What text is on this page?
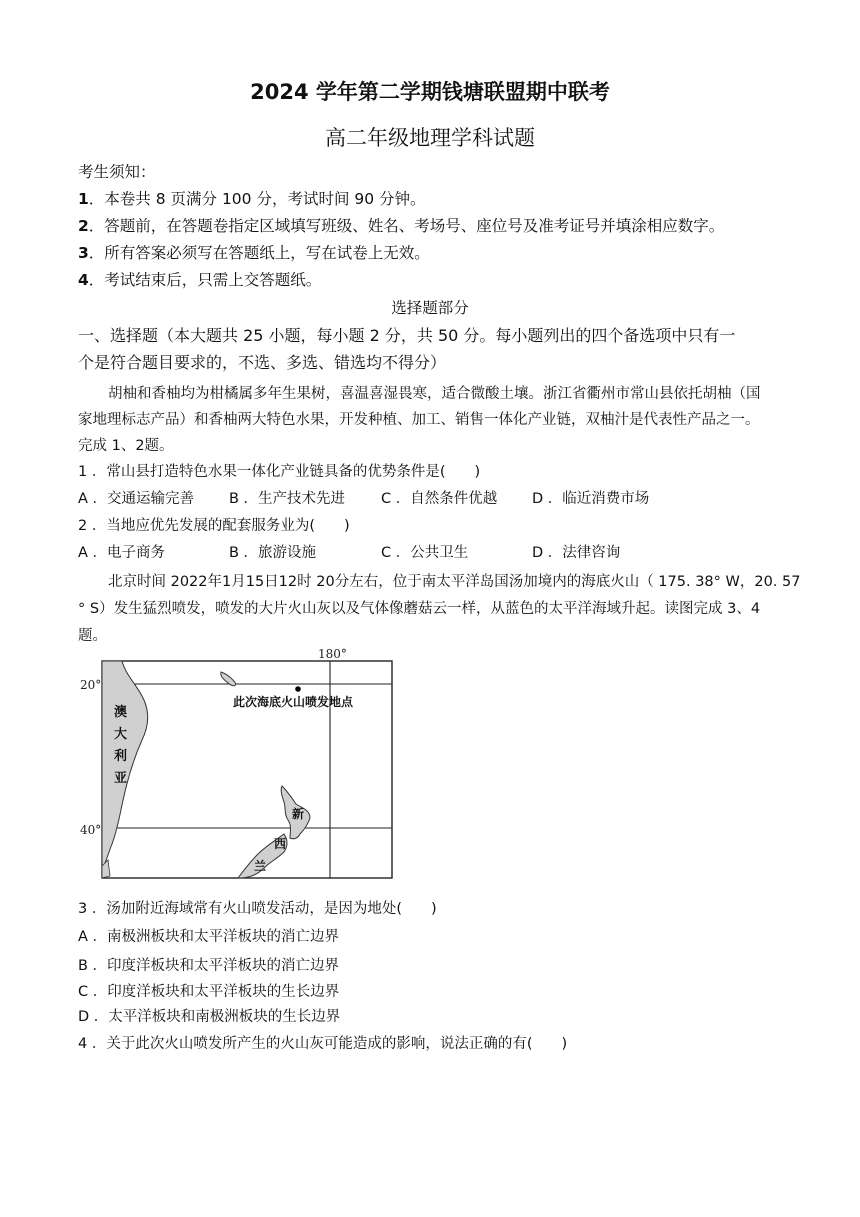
2024 学年第二学期钱塘联盟期中联考
高二年级地理学科试题
考生须知：
1．本卷共 8 页满分 100 分，考试时间 90 分钟。
2．答题前，在答题卷指定区域填写班级、姓名、考场号、座位号及准考证号并填涂相应数字。
3．所有答案必须写在答题纸上，写在试卷上无效。
4．考试结束后，只需上交答题纸。
选择题部分
一、选择题（本大题共 25 小题，每小题 2 分，共 50 分。每小题列出的四个备选项中只有一
个是符合题目要求的，不选、多选、错选均不得分）
胡柚和香柚均为柑橘属多年生果树，喜温喜湿畏寒，适合微酸土壤。浙江省衢州市常山县依托胡柚（国
家地理标志产品）和香柚两大特色水果，开发种植、加工、销售一体化产业链，双柚汁是代表性产品之一。
完成 1、2题。
1 ．常山县打造特色水果一体化产业链具备的优势条件是(　　)
A ．交通运输完善 B ．生产技术先进 C ．自然条件优越 D ．临近消费市场
2 ．当地应优先发展的配套服务业为(　　)
A ．电子商务	B ．旅游设施	C ．公共卫生	D ．法律咨询
北京时间 2022年1月15日12时 20分左右，位于南太平洋岛国汤加境内的海底火山（ 175. 38° W，20. 57
° S）发生猛烈喷发，喷发的大片火山灰以及气体像蘑菇云一样，从蓝色的太平洋海域升起。读图完成 3、4
题。
20°
40°
180°
此次海底火山喷发地点
澳
大
利
亚
新
西
兰
3 ．汤加附近海域常有火山喷发活动，是因为地处(　　)
A ．南极洲板块和太平洋板块的消亡边界
B ．印度洋板块和太平洋板块的消亡边界
C ．印度洋板块和太平洋板块的生长边界
D ．太平洋板块和南极洲板块的生长边界
4 ．关于此次火山喷发所产生的火山灰可能造成的影响，说法正确的有(　　)
